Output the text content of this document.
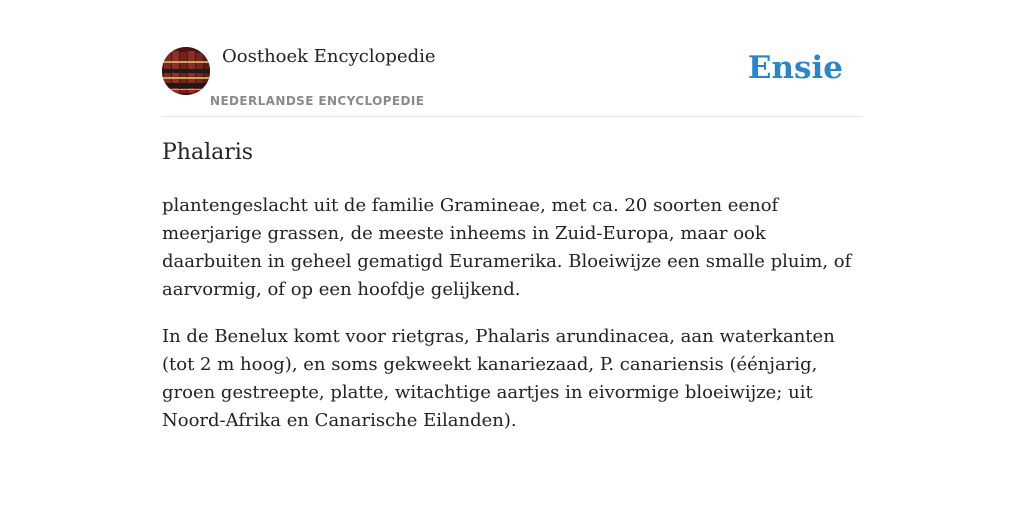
Oosthoek Encyclopedie
NEDERLANDSE ENCYCLOPEDIE
Ensie
Phalaris

plantengeslacht uit de familie Gramineae, met ca. 20 soorten eenof meerjarige grassen, de meeste inheems in Zuid-Europa, maar ook daarbuiten in geheel gematigd Euramerika. Bloeiwijze een smalle pluim, of aarvormig, of op een hoofdje gelijkend.

In de Benelux komt voor rietgras, Phalaris arundinacea, aan waterkanten (tot 2 m hoog), en soms gekweekt kanariezaad, P. canariensis (éénjarig, groen gestreepte, platte, witachtige aartjes in eivormige bloeiwijze; uit Noord-Afrika en Canarische Eilanden).
